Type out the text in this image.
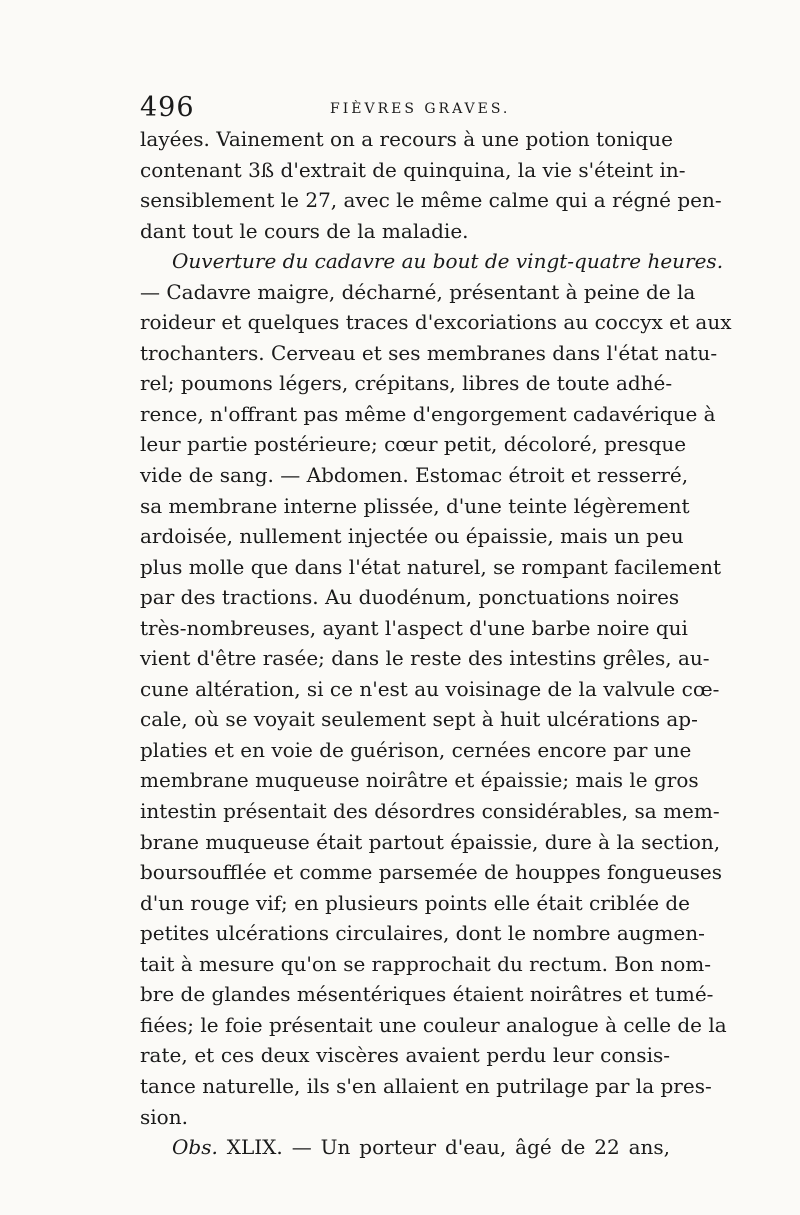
496	FIÈVRES GRAVES.
layées. Vainement on a recours à une potion tonique
contenant 3ß d'extrait de quinquina, la vie s'éteint in-
sensiblement le 27, avec le même calme qui a régné pen-
dant tout le cours de la maladie.
Ouverture du cadavre au bout de vingt-quatre heures.
— Cadavre maigre, décharné, présentant à peine de la
roideur et quelques traces d'excoriations au coccyx et aux
trochanters. Cerveau et ses membranes dans l'état natu-
rel; poumons légers, crépitans, libres de toute adhé-
rence, n'offrant pas même d'engorgement cadavérique à
leur partie postérieure; cœur petit, décoloré, presque
vide de sang. — Abdomen. Estomac étroit et resserré,
sa membrane interne plissée, d'une teinte légèrement
ardoisée, nullement injectée ou épaissie, mais un peu
plus molle que dans l'état naturel, se rompant facilement
par des tractions. Au duodénum, ponctuations noires
très-nombreuses, ayant l'aspect d'une barbe noire qui
vient d'être rasée; dans le reste des intestins grêles, au-
cune altération, si ce n'est au voisinage de la valvule cœ-
cale, où se voyait seulement sept à huit ulcérations ap-
platies et en voie de guérison, cernées encore par une
membrane muqueuse noirâtre et épaissie; mais le gros
intestin présentait des désordres considérables, sa mem-
brane muqueuse était partout épaissie, dure à la section,
boursoufflée et comme parsemée de houppes fongueuses
d'un rouge vif; en plusieurs points elle était criblée de
petites ulcérations circulaires, dont le nombre augmen-
tait à mesure qu'on se rapprochait du rectum. Bon nom-
bre de glandes mésentériques étaient noirâtres et tumé-
fiées; le foie présentait une couleur analogue à celle de la
rate, et ces deux viscères avaient perdu leur consis-
tance naturelle, ils s'en allaient en putrilage par la pres-
sion.
Obs. XLIX. — Un porteur d'eau, âgé de 22 ans,
